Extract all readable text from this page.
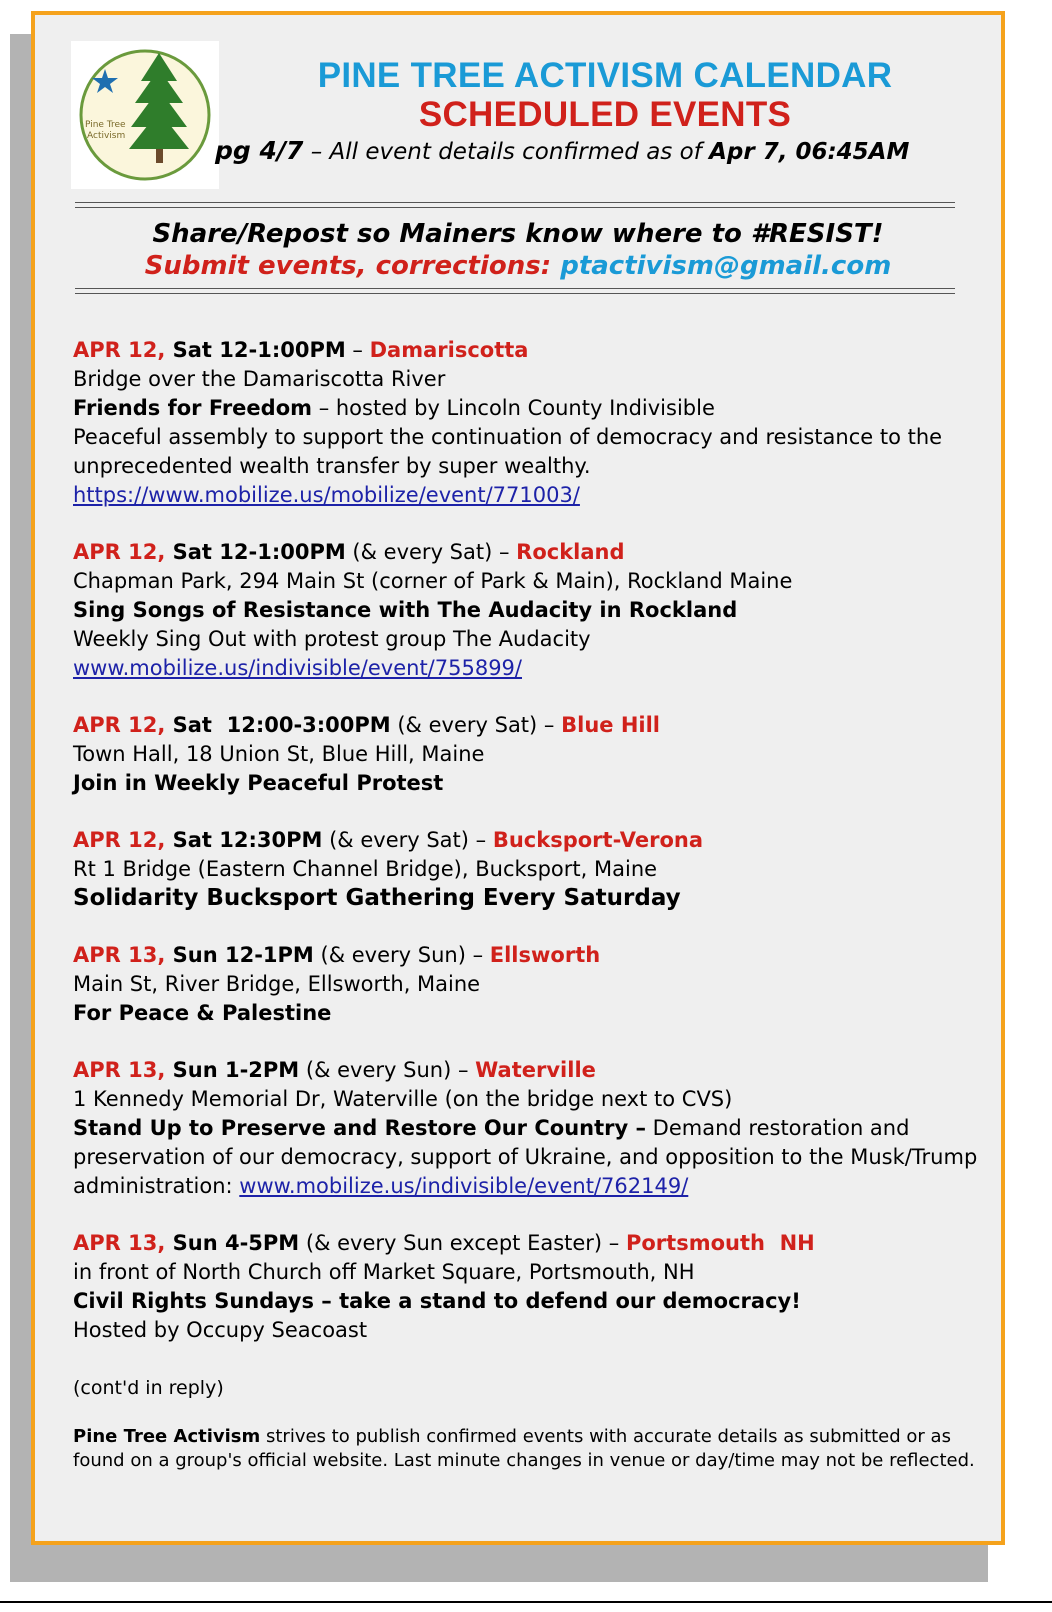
Pine Tree
Activism
PINE TREE ACTIVISM CALENDAR
SCHEDULED EVENTS
pg 4/7 – All event details confirmed as of Apr 7, 06:45AM
Share/Repost so Mainers know where to #RESIST!
Submit events, corrections: ptactivism@gmail.com
APR 12, Sat 12-1:00PM – Damariscotta
Bridge over the Damariscotta River
Friends for Freedom – hosted by Lincoln County Indivisible
Peaceful assembly to support the continuation of democracy and resistance to the unprecedented wealth transfer by super wealthy.
https://www.mobilize.us/mobilize/event/771003/
APR 12, Sat 12-1:00PM (& every Sat) – Rockland
Chapman Park, 294 Main St (corner of Park & Main), Rockland Maine
Sing Songs of Resistance with The Audacity in Rockland
Weekly Sing Out with protest group The Audacity
www.mobilize.us/indivisible/event/755899/
APR 12, Sat  12:00-3:00PM (& every Sat) – Blue Hill
Town Hall, 18 Union St, Blue Hill, Maine
Join in Weekly Peaceful Protest
APR 12, Sat 12:30PM (& every Sat) – Bucksport-Verona
Rt 1 Bridge (Eastern Channel Bridge), Bucksport, Maine
Solidarity Bucksport Gathering Every Saturday
APR 13, Sun 12-1PM (& every Sun) – Ellsworth
Main St, River Bridge, Ellsworth, Maine
For Peace & Palestine
APR 13, Sun 1-2PM (& every Sun) – Waterville
1 Kennedy Memorial Dr, Waterville (on the bridge next to CVS)
Stand Up to Preserve and Restore Our Country – Demand restoration and preservation of our democracy, support of Ukraine, and opposition to the Musk/Trump administration: www.mobilize.us/indivisible/event/762149/
APR 13, Sun 4-5PM (& every Sun except Easter) – Portsmouth  NH
in front of North Church off Market Square, Portsmouth, NH
Civil Rights Sundays – take a stand to defend our democracy!
Hosted by Occupy Seacoast
(cont'd in reply)
Pine Tree Activism strives to publish confirmed events with accurate details as submitted or as found on a group's official website. Last minute changes in venue or day/time may not be reflected.
